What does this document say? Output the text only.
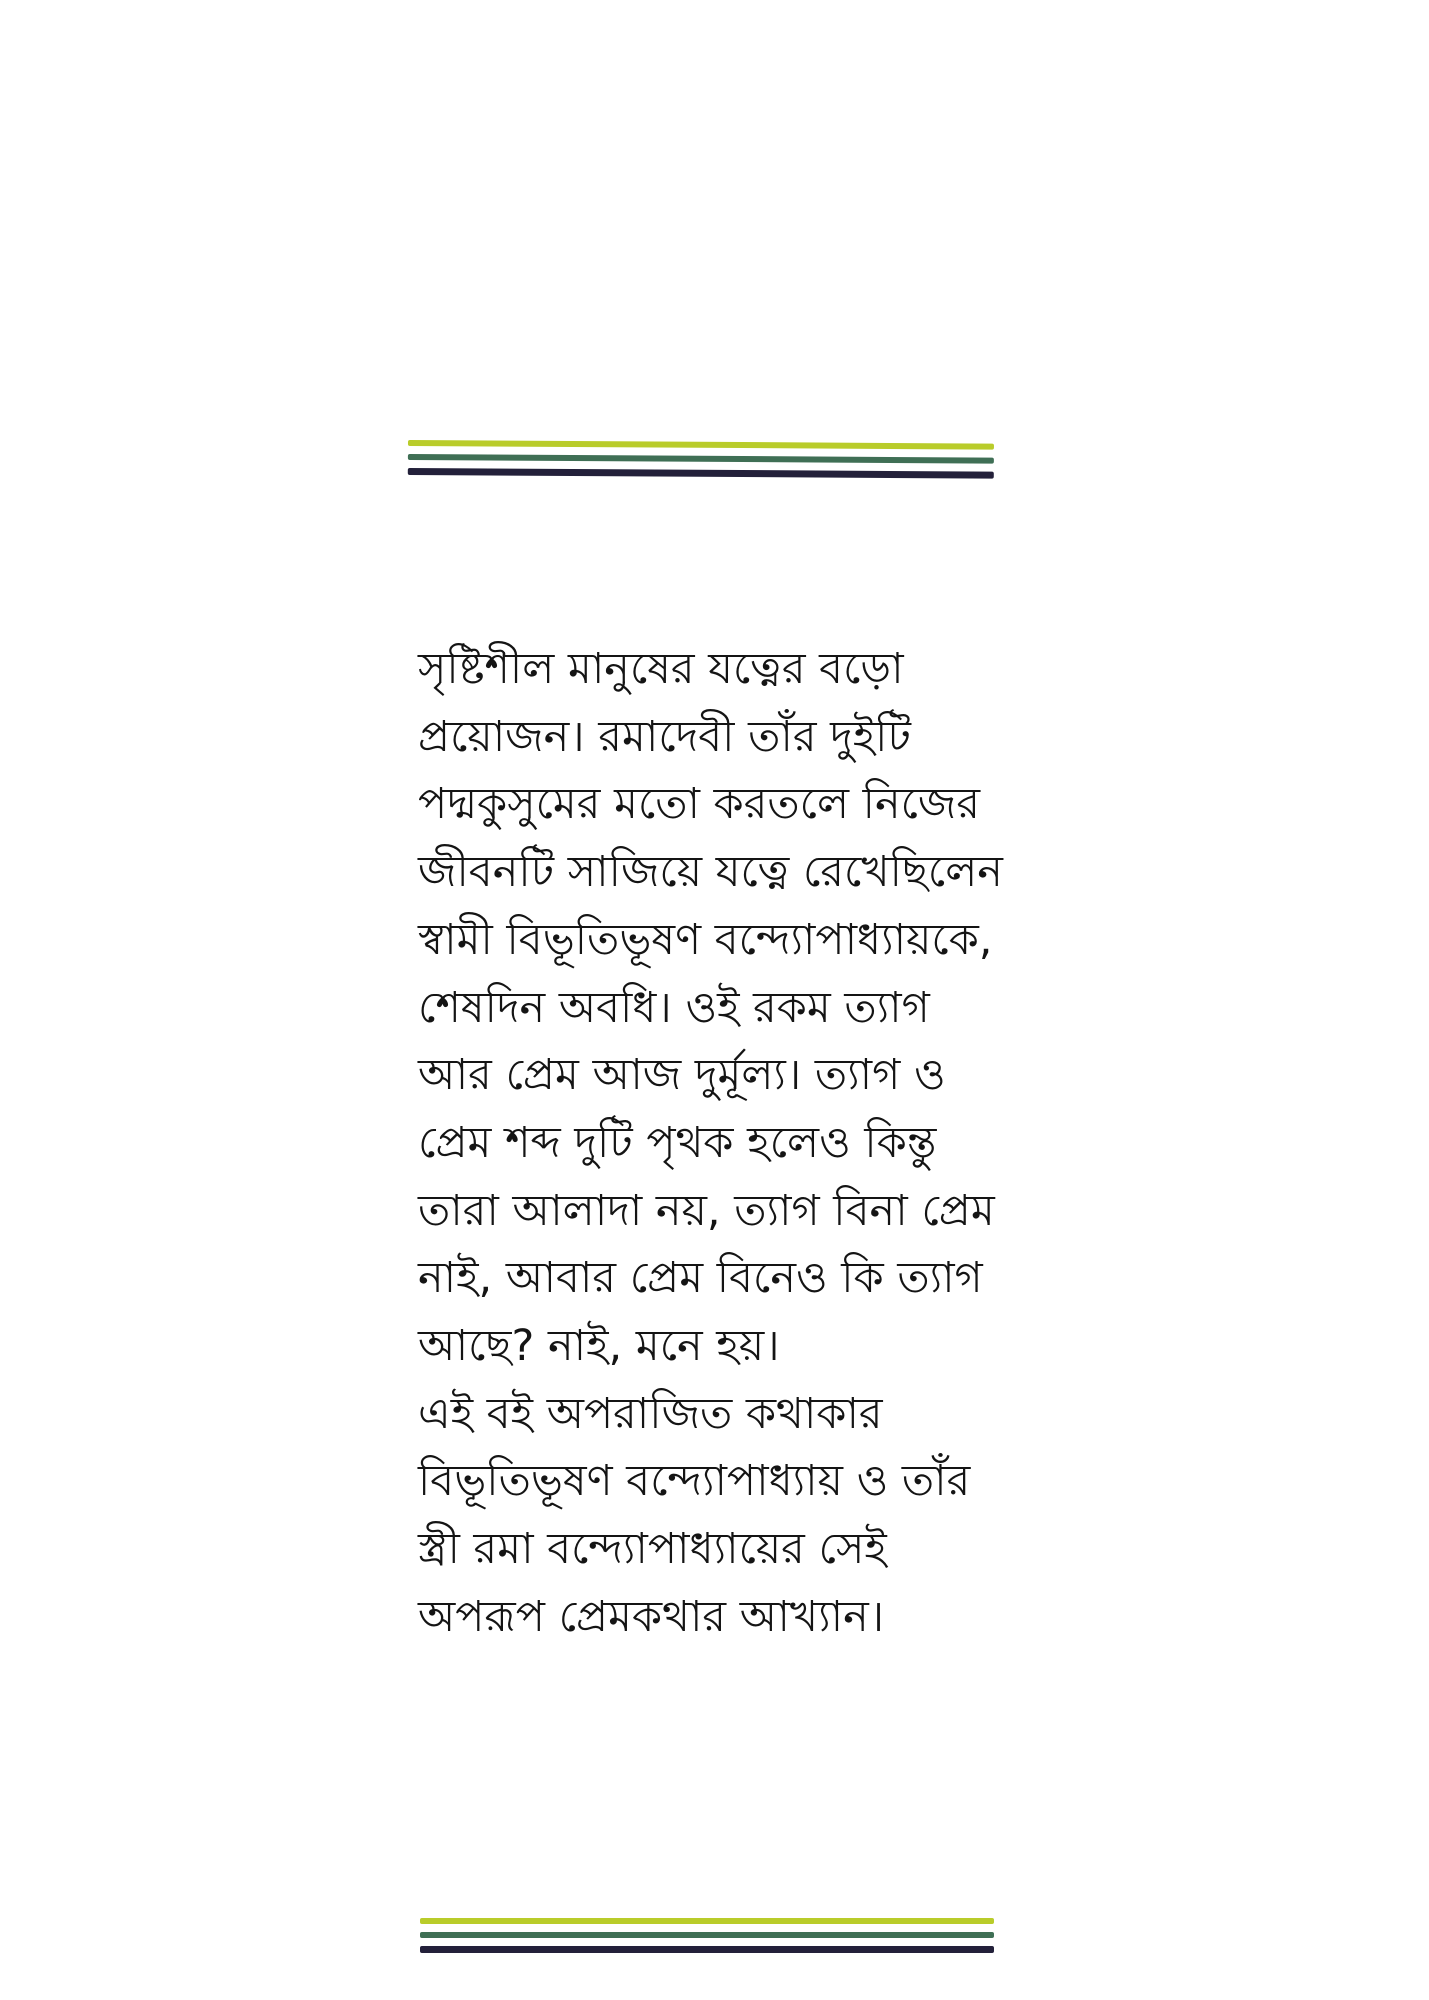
সৃষ্টিশীল মানুষের যত্নের বড়ো
প্রয়োজন। রমাদেবী তাঁর দুইটি
পদ্মকুসুমের মতো করতলে নিজের
জীবনটি সাজিয়ে যত্নে রেখেছিলেন
স্বামী বিভূতিভূষণ বন্দ্যোপাধ্যায়কে,
শেষদিন অবধি। ওই রকম ত্যাগ
আর প্রেম আজ দুর্মূল্য। ত্যাগ ও
প্রেম শব্দ দুটি পৃথক হলেও কিন্তু
তারা আলাদা নয়, ত্যাগ বিনা প্রেম
নাই, আবার প্রেম বিনেও কি ত্যাগ
আছে? নাই, মনে হয়।
এই বই অপরাজিত কথাকার
বিভূতিভূষণ বন্দ্যোপাধ্যায় ও তাঁর
স্ত্রী রমা বন্দ্যোপাধ্যায়ের সেই
অপরূপ প্রেমকথার আখ্যান।
